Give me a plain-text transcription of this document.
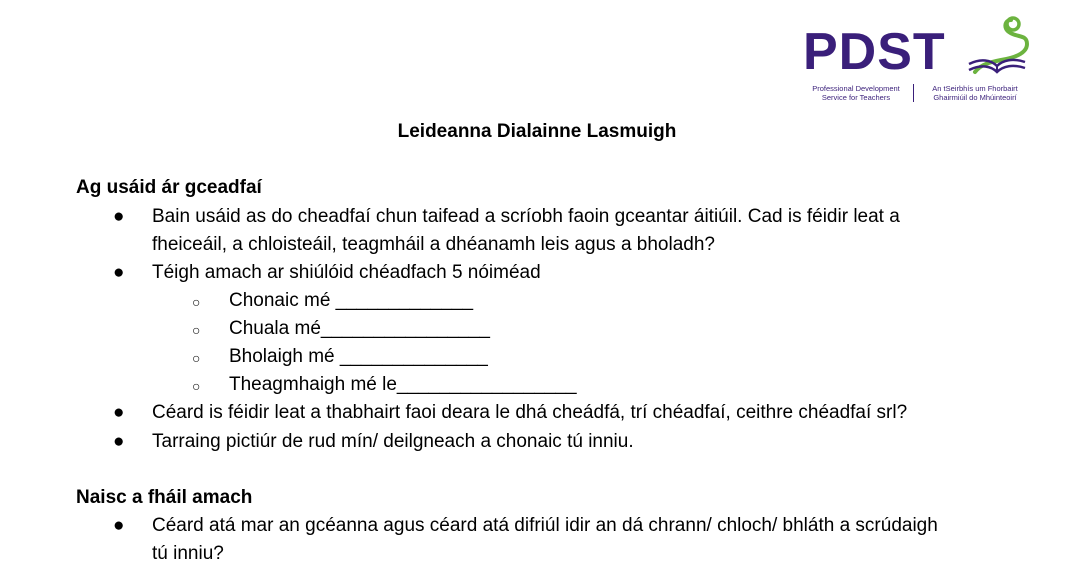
PDST
Professional Development
Service for Teachers
An tSeirbhís um Fhorbairt
Ghairmiúil do Mhúinteoirí
Leideanna Dialainne Lasmuigh
Ag usáid ár gceadfaí
● Bain usáid as do cheadfaí chun taifead a scríobh faoin gceantar áitiúil. Cad is féidir leat a
fheiceáil, a chloisteáil, teagmháil a dhéanamh leis agus a bholadh?
● Téigh amach ar shiúlóid chéadfach 5 nóiméad
○ Chonaic mé _____________
○ Chuala mé________________
○ Bholaigh mé ______________
○ Theagmhaigh mé le_________________
● Céard is féidir leat a thabhairt faoi deara le dhá cheádfá, trí chéadfaí, ceithre chéadfaí srl?
● Tarraing pictiúr de rud mín/ deilgneach a chonaic tú inniu.
Naisc a fháil amach
● Céard atá mar an gcéanna agus céard atá difriúl idir an dá chrann/ chloch/ bhláth a scrúdaigh
tú inniu?
